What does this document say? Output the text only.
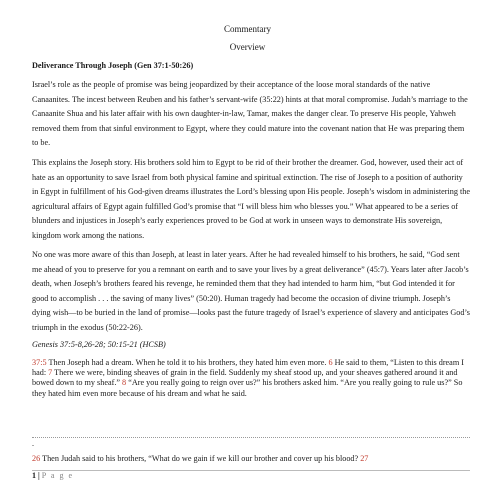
Commentary
Overview
Deliverance Through Joseph (Gen 37:1-50:26)
Israel’s role as the people of promise was being jeopardized by their acceptance of the loose moral standards of the native Canaanites. The incest between Reuben and his father’s servant-wife (35:22) hints at that moral compromise. Judah’s marriage to the Canaanite Shua and his later affair with his own daughter-in-law, Tamar, makes the danger clear. To preserve His people, Yahweh removed them from that sinful environment to Egypt, where they could mature into the covenant nation that He was preparing them to be.
This explains the Joseph story. His brothers sold him to Egypt to be rid of their brother the dreamer. God, however, used their act of hate as an opportunity to save Israel from both physical famine and spiritual extinction. The rise of Joseph to a position of authority in Egypt in fulfillment of his God-given dreams illustrates the Lord’s blessing upon His people. Joseph’s wisdom in administering the agricultural affairs of Egypt again fulfilled God’s promise that “I will bless him who blesses you.” What appeared to be a series of blunders and injustices in Joseph’s early experiences proved to be God at work in unseen ways to demonstrate His sovereign, kingdom work among the nations.
No one was more aware of this than Joseph, at least in later years. After he had revealed himself to his brothers, he said, “God sent me ahead of you to preserve for you a remnant on earth and to save your lives by a great deliverance” (45:7). Years later after Jacob’s death, when Joseph’s brothers feared his revenge, he reminded them that they had intended to harm him, “but God intended it for good to accomplish . . . the saving of many lives” (50:20). Human tragedy had become the occasion of divine triumph. Joseph’s dying wish—to be buried in the land of promise—looks past the future tragedy of Israel’s experience of slavery and anticipates God’s triumph in the exodus (50:22-26).
Genesis 37:5-8,26-28; 50:15-21 (HCSB)
37:5 Then Joseph had a dream. When he told it to his brothers, they hated him even more. 6 He said to them, “Listen to this dream I had: 7 There we were, binding sheaves of grain in the field. Suddenly my sheaf stood up, and your sheaves gathered around it and bowed down to my sheaf.” 8 “Are you really going to reign over us?” his brothers asked him. “Are you really going to rule us?” So they hated him even more because of his dream and what he said.
.
26 Then Judah said to his brothers, “What do we gain if we kill our brother and cover up his blood? 27
1 | P a g e
